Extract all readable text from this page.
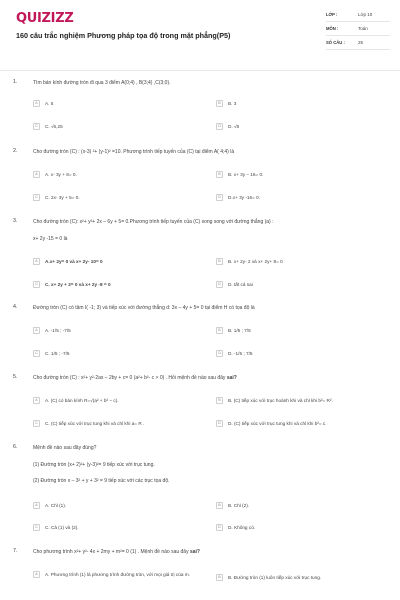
QUIZIZZ
160 câu trắc nghiệm Phương pháp tọa độ trong mặt phẳng(P5)
LỚP :	Lớp 10
MÔN :	Toán
SỐ CÂU :	25
1.	Tìm bán kính đường tròn đi qua 3 điểm A(0;4) , B(3;4) ,C(3;0).
A	A. 5	B	B. 3
C	C. √6,25	D	D. √8
2.	Cho đường tròn (C) : (x-3) ²+ (y-1)² =10. Phương trình tiếp tuyến của (C) tại điểm A( 4;4) là
A	A. x- 3y + 8= 0.	B	B. x+ 3y – 16= 0.
C	C. 2x- 3y + 5= 0.	D	D.x+ 3y -16= 0.
3.	Cho đường tròn (C): x²+ y²+ 2x – 6y + 5= 0.Phương trình tiếp tuyến của (C) song song với đường thẳng (a) :
x+ 2y -15 = 0 là
A	A.x+ 2y= 0 và x+ 2y- 10= 0	B	B. x+ 2y- 2 và x+ 2y+ 8= 0
C	C. x+ 2y + 2= 0 và x+ 2y -8 = 0	D	D. tất cả sai
4.	Đường tròn (C) có tâm I( -1; 3) và tiếp xúc với đường thẳng d: 3x – 4y + 5= 0 tại điểm H có tọa độ là
A	A. -1/5 ; -7/5	B	B. 1/5 ; 7/5
C	C. 1/5 ; -7/5	D	D. -1/5 ; 7/5
5.	Cho đường tròn (C) : x²+ y²-2ax – 2by + c= 0 (a²+ b²- c > 0) . Hỏi mệnh đề nào sau đây sai?
A	A. (C) có bán kính R=√(a² + b² − c).	B	B. (C) tiếp xúc với trục hoành khi và chỉ khi b²= R².
C	C. (C) tiếp xúc với trục tung khi và chỉ khi a= R .	D	D. (C) tiếp xúc với trục tung khi và chỉ khi b²= c.
6.	Mệnh đề nào sau đây đúng?
(1) Đường tròn (x+ 2)²+ (y-3)²= 9 tiếp xúc với trục tung.
(2) Đường tròn x – 3² + y + 3² = 9 tiếp xúc với các trục tọa độ.
A	A. Chỉ (1).	B	B. Chỉ (2).
C	C. Cả (1) và (2).	D	D. Không có.
7.	Cho phương trình x²+ y²- 4x + 2my + m²= 0 (1) . Mệnh đề nào sau đây sai?
A	A. Phương trình (1) là phương trình đường tròn, với mọi giá trị của m.
B	B. Đường tròn (1) luôn tiếp xúc với trục tung.
